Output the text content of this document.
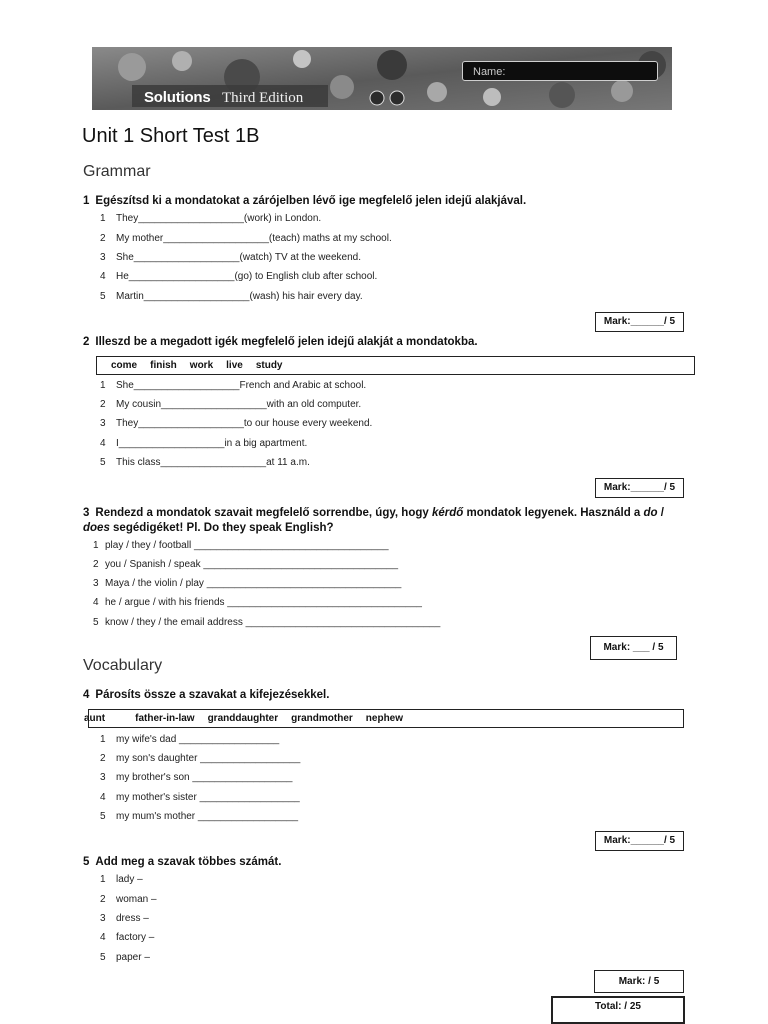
Name:
Solutions Third Edition
Unit 1 Short Test 1B
Grammar

1 Egészítsd ki a mondatokat a zárójelben lévő ige megfelelő jelen idejű alakjával.

1 They___________________(work) in London.
2 My mother___________________(teach) maths at my school.
3 She___________________(watch) TV at the weekend.
4 He___________________(go) to English club after school.
5 Martin___________________(wash) his hair every day.
Mark:______/ 5

2 Illeszd be a megadott igék megfelelő jelen idejű alakját a mondatokba.

come finish work live study
1 She___________________French and Arabic at school.
2 My cousin___________________with an old computer.
3 They___________________to our house every weekend.
4 I___________________in a big apartment.
5 This class___________________at 11 a.m.
Mark:______/ 5

3 Rendezd a mondatok szavait megfelelő sorrendbe, úgy, hogy kérdő mondatok legyenek. Használd a do / does segédigéket! Pl. Do they speak English?

1 play / they / football ___________________________________
2 you / Spanish / speak ___________________________________
3 Maya / the violin / play ___________________________________
4 he / argue / with his friends ___________________________________
5 know / they / the email address ___________________________________
Mark: ___ / 5
Vocabulary

4 Párosíts össze a szavakat a kifejezésekkel.

aunt	father-in-law granddaughter grandmother nephew
1 my wife's dad __________________
2 my son's daughter __________________
3 my brother's son __________________
4 my mother's sister __________________
5 my mum's mother __________________
Mark:______/ 5

5 Add meg a szavak többes számát.

1 lady –
2 woman –
3 dress –
4 factory –
5 paper –
Mark: / 5
Total: / 25
